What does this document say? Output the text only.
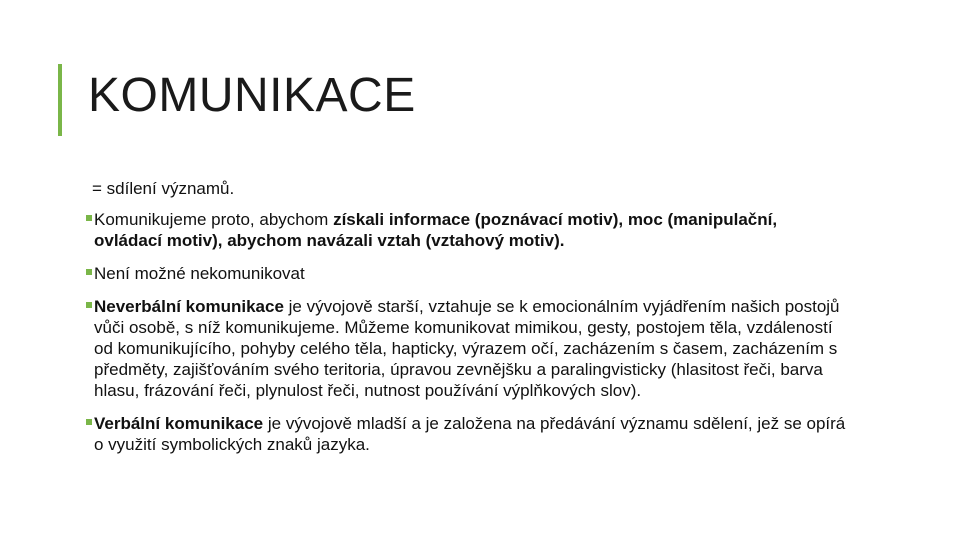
KOMUNIKACE

= sdílení významů.

Komunikujeme proto, abychom získali informace (poznávací motiv), moc (manipulační, ovládací motiv), abychom navázali vztah (vztahový motiv).
Není možné nekomunikovat
Neverbální komunikace je vývojově starší, vztahuje se k emocionálním vyjádřením našich postojů vůči osobě, s níž komunikujeme. Můžeme komunikovat mimikou, gesty, postojem těla, vzdáleností od komunikujícího, pohyby celého těla, hapticky, výrazem očí, zacházením s časem, zacházením s předměty, zajišťováním svého teritoria, úpravou zevnějšku a paralingvisticky (hlasitost řeči, barva hlasu, frázování řeči, plynulost řeči, nutnost používání výplňkových slov).
Verbální komunikace je vývojově mladší a je založena na předávání významu sdělení, jež se opírá o využití symbolických znaků jazyka.
